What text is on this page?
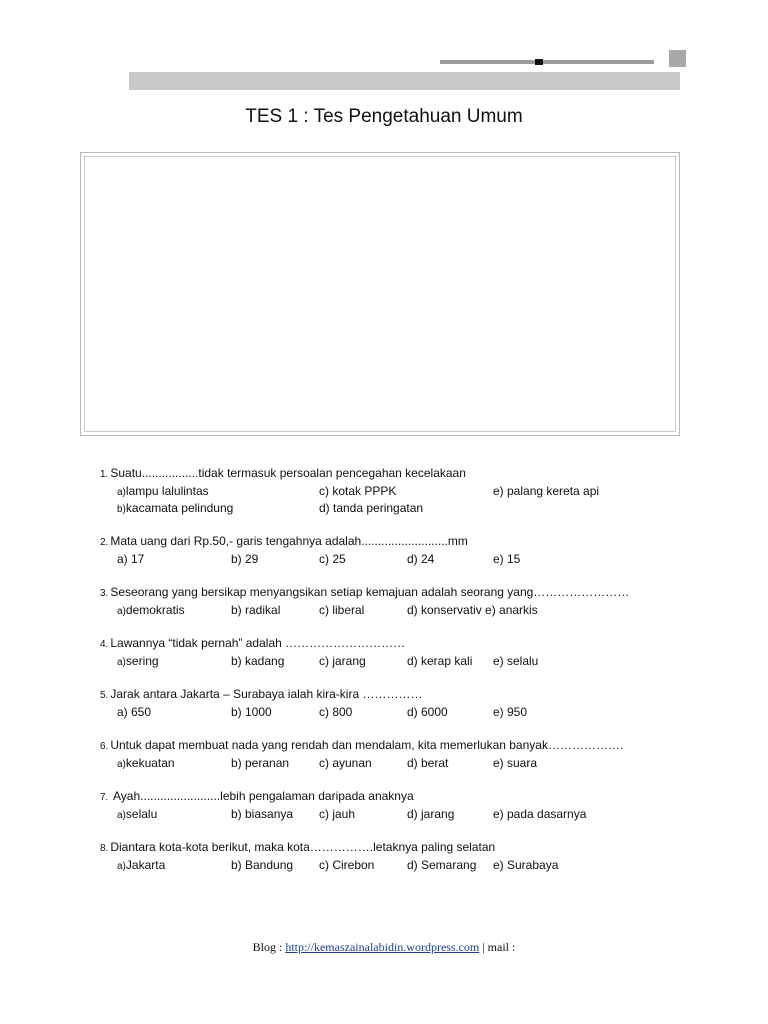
TES 1 : Tes Pengetahuan Umum
1. Suatu.................tidak termasuk persoalan pencegahan kecelakaan
a)lampu lalulintas	c) kotak PPPK	e) palang kereta api
b)kacamata pelindung	d) tanda peringatan
2. Mata uang dari Rp.50,- garis tengahnya adalah..........................mm
a) 17	b) 29	c) 25	d) 24	e) 15
3. Seseorang yang bersikap menyangsikan setiap kemajuan adalah seorang yang……………………
a)demokratis	b) radikal	c) liberal	d) konservativ e) anarkis
4. Lawannya “tidak pernah” adalah …………………………
a)sering	b) kadang	c) jarang	d) kerap kali e) selalu
5. Jarak antara Jakarta – Surabaya ialah kira-kira ……………
a) 650	b) 1000	c) 800	d) 6000	e) 950
6. Untuk dapat membuat nada yang rendah dan mendalam, kita memerlukan banyak……………….
a)kekuatan	b) peranan c) ayunan	d) berat	e) suara
7. Ayah........................lebih pengalaman daripada anaknya
a)selalu	b) biasanya c) jauh	d) jarang	e) pada dasarnya
8. Diantara kota-kota berikut, maka kota…………….letaknya paling selatan
a)Jakarta	b) Bandung c) Cirebon	d) Semarang e) Surabaya
Blog : http://kemaszainalabidin.wordpress.com | mail :
